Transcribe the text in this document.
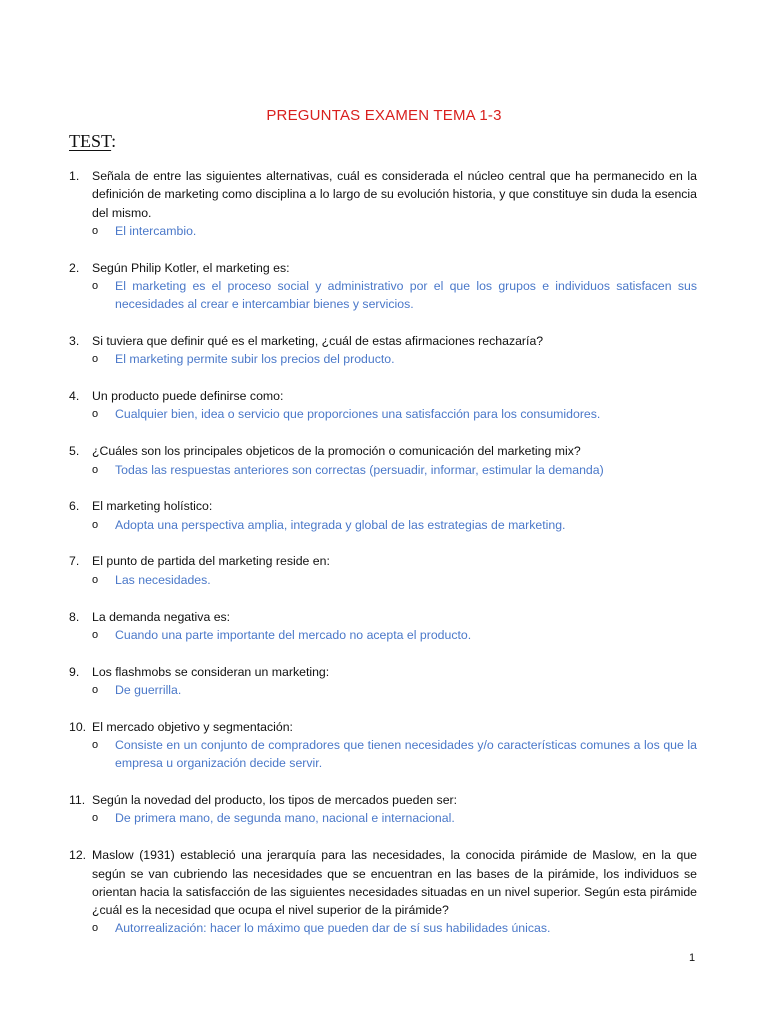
PREGUNTAS EXAMEN TEMA 1-3
TEST:
1. Señala de entre las siguientes alternativas, cuál es considerada el núcleo central que ha permanecido en la definición de marketing como disciplina a lo largo de su evolución historia, y que constituye sin duda la esencia del mismo.
o El intercambio.
2. Según Philip Kotler, el marketing es:
o El marketing es el proceso social y administrativo por el que los grupos e individuos satisfacen sus necesidades al crear e intercambiar bienes y servicios.
3. Si tuviera que definir qué es el marketing, ¿cuál de estas afirmaciones rechazaría?
o El marketing permite subir los precios del producto.
4. Un producto puede definirse como:
o Cualquier bien, idea o servicio que proporciones una satisfacción para los consumidores.
5. ¿Cuáles son los principales objeticos de la promoción o comunicación del marketing mix?
o Todas las respuestas anteriores son correctas (persuadir, informar, estimular la demanda)
6. El marketing holístico:
o Adopta una perspectiva amplia, integrada y global de las estrategias de marketing.
7. El punto de partida del marketing reside en:
o Las necesidades.
8. La demanda negativa es:
o Cuando una parte importante del mercado no acepta el producto.
9. Los flashmobs se consideran un marketing:
o De guerrilla.
10. El mercado objetivo y segmentación:
o Consiste en un conjunto de compradores que tienen necesidades y/o características comunes a los que la empresa u organización decide servir.
11. Según la novedad del producto, los tipos de mercados pueden ser:
o De primera mano, de segunda mano, nacional e internacional.
12. Maslow (1931) estableció una jerarquía para las necesidades, la conocida pirámide de Maslow, en la que según se van cubriendo las necesidades que se encuentran en las bases de la pirámide, los individuos se orientan hacia la satisfacción de las siguientes necesidades situadas en un nivel superior. Según esta pirámide ¿cuál es la necesidad que ocupa el nivel superior de la pirámide?
o Autorrealización: hacer lo máximo que pueden dar de sí sus habilidades únicas.
1
